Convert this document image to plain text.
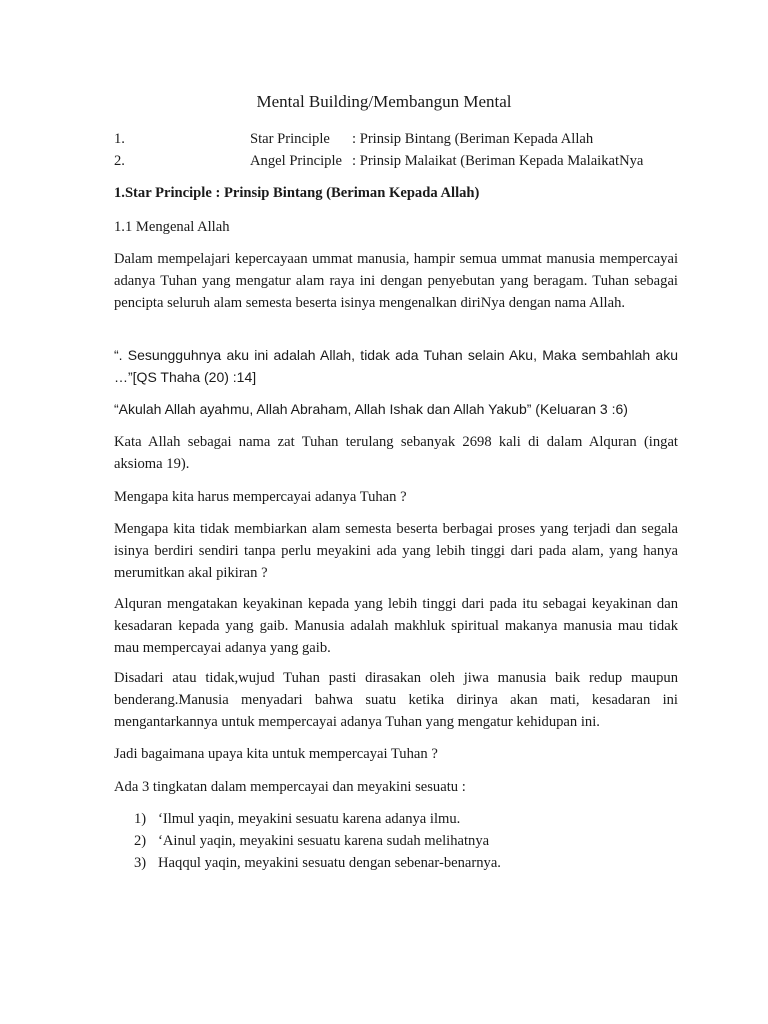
Mental Building/Membangun Mental
1.	Star Principle : Prinsip Bintang (Beriman Kepada Allah
2.	Angel Principle : Prinsip Malaikat (Beriman Kepada MalaikatNya
1.Star Principle : Prinsip Bintang (Beriman Kepada Allah)
1.1 Mengenal Allah
Dalam mempelajari kepercayaan ummat manusia, hampir semua ummat manusia mempercayai adanya Tuhan yang mengatur alam raya ini dengan penyebutan yang beragam. Tuhan sebagai pencipta seluruh alam semesta beserta isinya mengenalkan diriNya dengan nama Allah.
“. Sesungguhnya aku ini adalah Allah, tidak ada Tuhan selain Aku, Maka sembahlah aku …”[QS Thaha (20) :14]
“Akulah Allah ayahmu, Allah Abraham, Allah Ishak dan Allah Yakub” (Keluaran 3 :6)
Kata Allah sebagai nama zat Tuhan terulang sebanyak 2698 kali di dalam Alquran (ingat aksioma 19).
Mengapa kita harus mempercayai adanya Tuhan ?
Mengapa kita tidak membiarkan alam semesta beserta berbagai proses yang terjadi dan segala isinya berdiri sendiri tanpa perlu meyakini ada yang lebih tinggi dari pada alam, yang hanya merumitkan akal pikiran ?
Alquran mengatakan keyakinan kepada yang lebih tinggi dari pada itu sebagai keyakinan dan kesadaran kepada yang gaib. Manusia adalah makhluk spiritual makanya manusia mau tidak mau mempercayai adanya yang gaib.
Disadari atau tidak,wujud Tuhan pasti dirasakan oleh jiwa manusia baik redup maupun benderang.Manusia menyadari bahwa suatu ketika dirinya akan mati, kesadaran ini mengantarkannya untuk mempercayai adanya Tuhan yang mengatur kehidupan ini.
Jadi bagaimana upaya kita untuk mempercayai Tuhan ?
Ada 3 tingkatan dalam mempercayai dan meyakini sesuatu :
1) ‘Ilmul yaqin, meyakini sesuatu karena adanya ilmu.
2) ‘Ainul yaqin, meyakini sesuatu karena sudah melihatnya
3) Haqqul yaqin, meyakini sesuatu dengan sebenar-benarnya.
